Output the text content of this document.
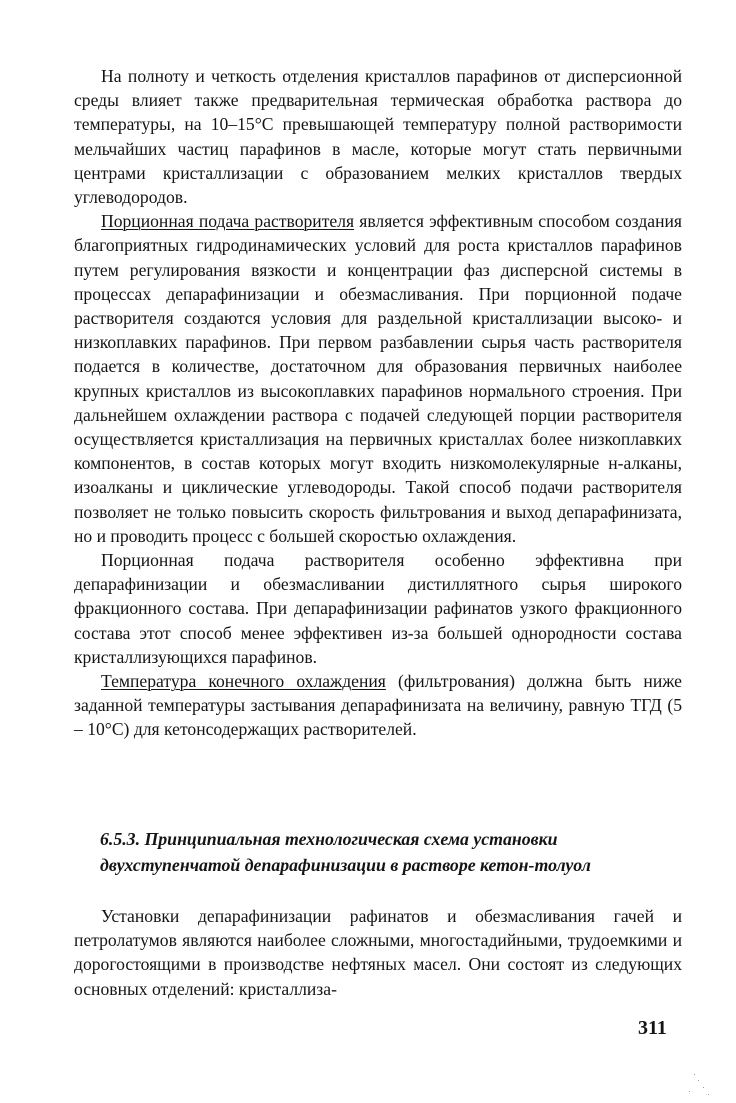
На полноту и четкость отделения кристаллов парафинов от дисперсионной среды влияет также предварительная термическая обработка раствора до температуры, на 10–15°С превышающей температуру полной растворимости мельчайших частиц парафинов в масле, которые могут стать первичными центрами кристаллизации с образованием мелких кристаллов твердых углеводородов.

Порционная подача растворителя является эффективным способом создания благоприятных гидродинамических условий для роста кристаллов парафинов путем регулирования вязкости и концентрации фаз дисперсной системы в процессах депарафинизации и обезмасливания. При порционной подаче растворителя создаются условия для раздельной кристаллизации высоко- и низкоплавких парафинов. При первом разбавлении сырья часть растворителя подается в количестве, достаточном для образования первичных наиболее крупных кристаллов из высокоплавких парафинов нормального строения. При дальнейшем охлаждении раствора с подачей следующей порции растворителя осуществляется кристаллизация на первичных кристаллах более низкоплавких компонентов, в состав которых могут входить низкомолекулярные н-алканы, изоалканы и циклические углеводороды. Такой способ подачи растворителя позволяет не только повысить скорость фильтрования и выход депарафинизата, но и проводить процесс с большей скоростью охлаждения.

Порционная подача растворителя особенно эффективна при депарафинизации и обезмасливании дистиллятного сырья широкого фракционного состава. При депарафинизации рафинатов узкого фракционного состава этот способ менее эффективен из-за большей однородности состава кристаллизующихся парафинов.

Температура конечного охлаждения (фильтрования) должна быть ниже заданной температуры застывания депарафинизата на величину, равную ТГД (5 – 10°С) для кетонсодержащих растворителей.

6.5.3. Принципиальная технологическая схема установки
двухступенчатой депарафинизации в растворе кетон-толуол

Установки депарафинизации рафинатов и обезмасливания гачей и петролатумов являются наиболее сложными, многостадийными, трудоемкими и дорогостоящими в производстве нефтяных масел. Они состоят из следующих основных отделений: кристаллиза-

311
